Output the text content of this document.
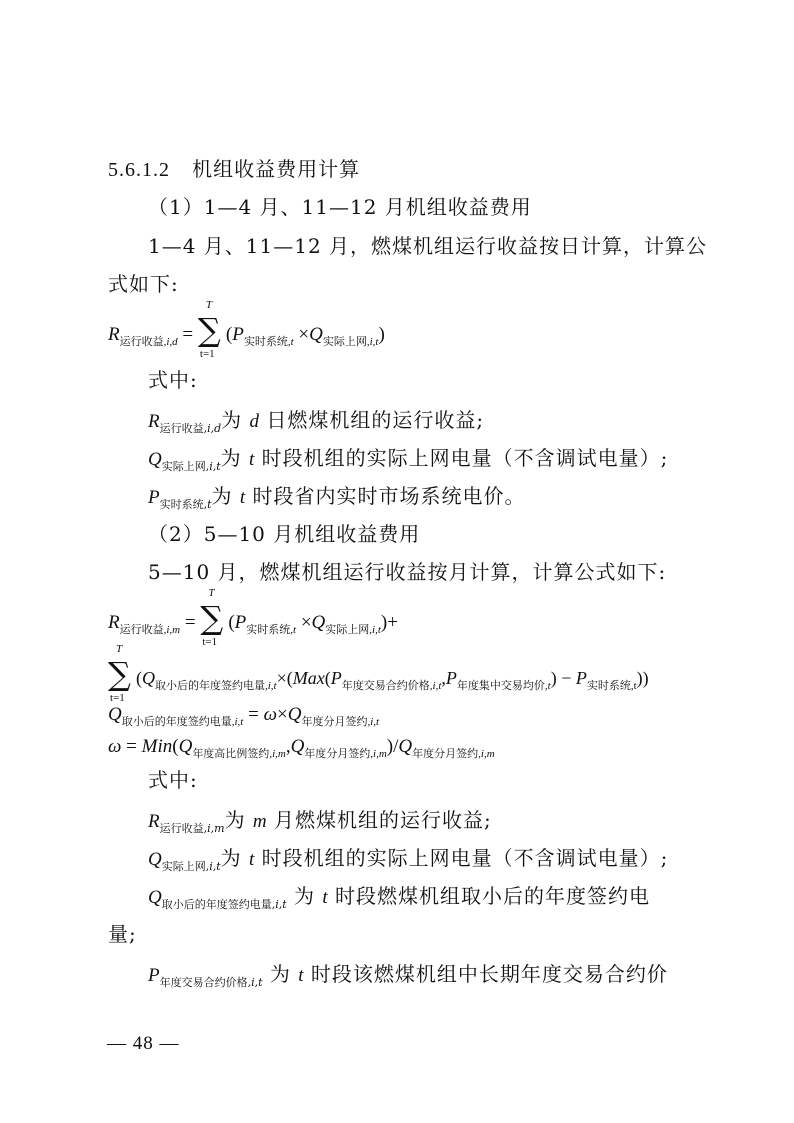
5.6.1.2 机组收益费用计算
（1）1—4 月、11—12 月机组收益费用
1—4 月、11—12 月，燃煤机组运行收益按日计算，计算公
式如下:
$R_{运行收益,i,d}$ = ∑
T
t=1
$(P_{实时系统,t} \times Q_{实际上网,i,t})$
式中:
$R_{运行收益,i,d}$为 d 日燃煤机组的运行收益;
$Q_{实际上网,i,t}$为 t 时段机组的实际上网电量（不含调试电量）;
$P_{实时系统,t}$为 t 时段省内实时市场系统电价。
（2）5—10 月机组收益费用
5—10 月，燃煤机组运行收益按月计算，计算公式如下:
$R_{运行收益,i,m}$ = ∑
T
t=1
$(P_{实时系统,t} \times Q_{实际上网,i,t})+$
∑
T
t=1
$(Q_{取小后的年度签约电量,i,t}\times(Max(P_{年度交易合约价格,i,t},P_{年度集中交易均价,t}) - P_{实时系统,t}))$
$Q_{取小后的年度签约电量,i,t} = \omega\times Q_{年度分月签约,i,t}$
$\omega = Min(Q_{年度高比例签约,i,m},Q_{年度分月签约,i,m})/Q_{年度分月签约,i,m}$
式中:
$R_{运行收益,i,m}$为 m 月燃煤机组的运行收益;
$Q_{实际上网,i,t}$为 t 时段机组的实际上网电量（不含调试电量）;
$Q_{取小后的年度签约电量,i,t}$ 为 t 时段燃煤机组取小后的年度签约电
量;
$P_{年度交易合约价格,i,t}$ 为 t 时段该燃煤机组中长期年度交易合约价
— 48 —
